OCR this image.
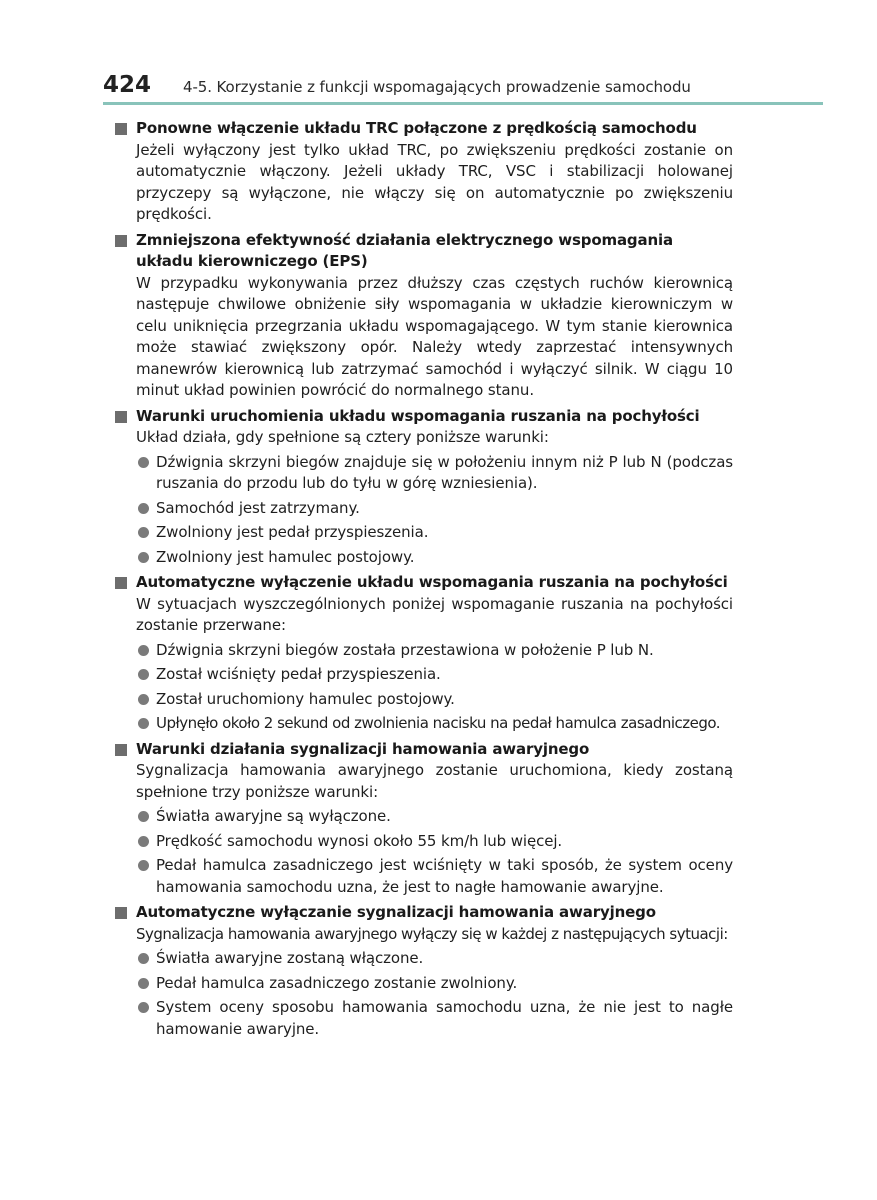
424 4-5. Korzystanie z funkcji wspomagających prowadzenie samochodu
Ponowne włączenie układu TRC połączone z prędkością samochodu
Jeżeli wyłączony jest tylko układ TRC, po zwiększeniu prędkości zostanie on automatycznie włączony. Jeżeli układy TRC, VSC i stabilizacji holowanej przyczepy są wyłączone, nie włączy się on automatycznie po zwiększeniu prędkości.
Zmniejszona efektywność działania elektrycznego wspomagania układu kierowniczego (EPS)
W przypadku wykonywania przez dłuższy czas częstych ruchów kierownicą następuje chwilowe obniżenie siły wspomagania w układzie kierowniczym w celu uniknięcia przegrzania układu wspomagającego. W tym stanie kierownica może stawiać zwiększony opór. Należy wtedy zaprzestać intensywnych manewrów kierownicą lub zatrzymać samochód i wyłączyć silnik. W ciągu 10 minut układ powinien powrócić do normalnego stanu.
Warunki uruchomienia układu wspomagania ruszania na pochyłości
Układ działa, gdy spełnione są cztery poniższe warunki:
Dźwignia skrzyni biegów znajduje się w położeniu innym niż P lub N (podczas ruszania do przodu lub do tyłu w górę wzniesienia).
Samochód jest zatrzymany.
Zwolniony jest pedał przyspieszenia.
Zwolniony jest hamulec postojowy.
Automatyczne wyłączenie układu wspomagania ruszania na pochyłości
W sytuacjach wyszczególnionych poniżej wspomaganie ruszania na pochyłości zostanie przerwane:
Dźwignia skrzyni biegów została przestawiona w położenie P lub N.
Został wciśnięty pedał przyspieszenia.
Został uruchomiony hamulec postojowy.
Upłynęło około 2 sekund od zwolnienia nacisku na pedał hamulca zasadniczego.
Warunki działania sygnalizacji hamowania awaryjnego
Sygnalizacja hamowania awaryjnego zostanie uruchomiona, kiedy zostaną spełnione trzy poniższe warunki:
Światła awaryjne są wyłączone.
Prędkość samochodu wynosi około 55 km/h lub więcej.
Pedał hamulca zasadniczego jest wciśnięty w taki sposób, że system oceny hamowania samochodu uzna, że jest to nagłe hamowanie awaryjne.
Automatyczne wyłączanie sygnalizacji hamowania awaryjnego
Sygnalizacja hamowania awaryjnego wyłączy się w każdej z następujących sytuacji:
Światła awaryjne zostaną włączone.
Pedał hamulca zasadniczego zostanie zwolniony.
System oceny sposobu hamowania samochodu uzna, że nie jest to nagłe hamowanie awaryjne.
